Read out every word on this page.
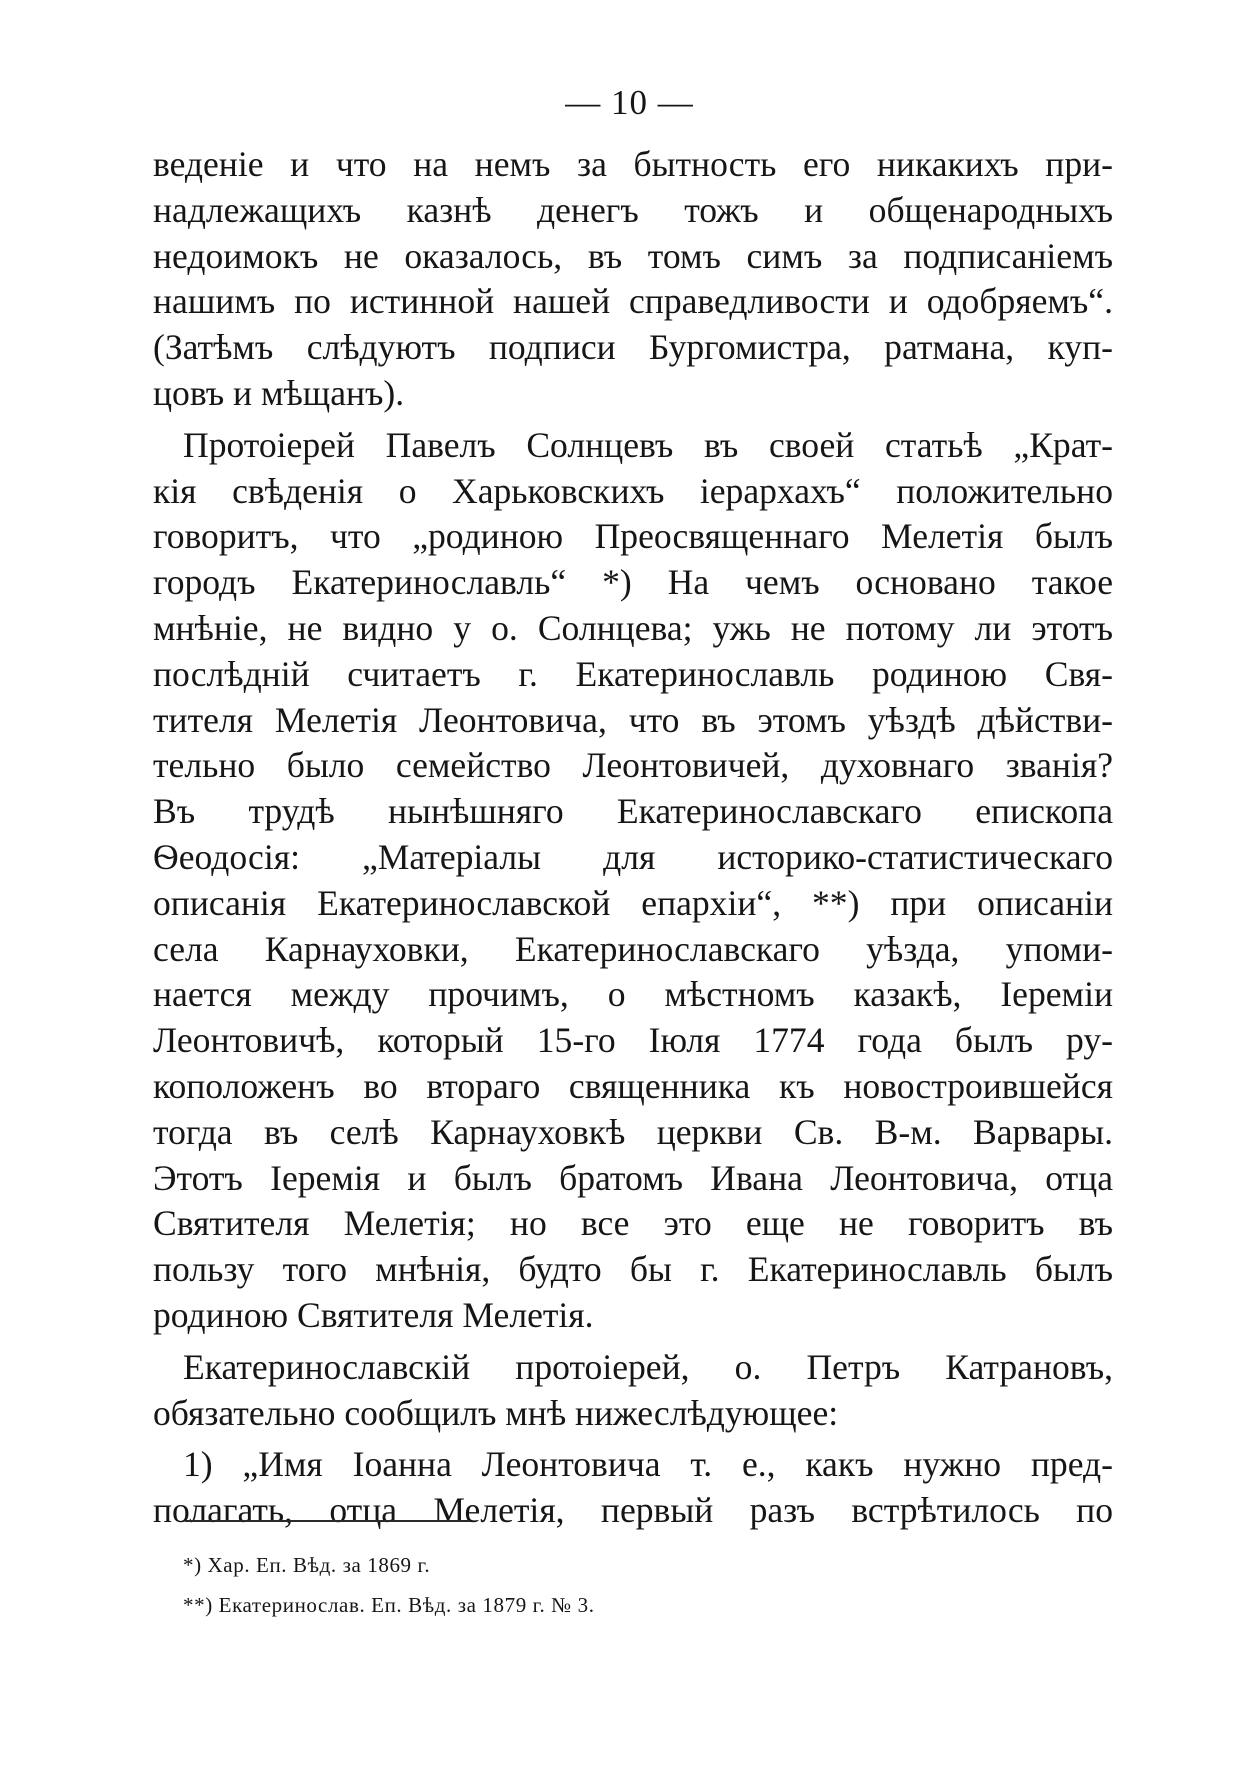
— 10 —
веденіе и что на немъ за бытность его никакихъ при-
надлежащихъ казнѣ денегъ тожъ и общенародныхъ
недоимокъ не оказалось, въ томъ симъ за подписаніемъ
нашимъ по истинной нашей справедливости и одобряемъ“.
(Затѣмъ слѣдуютъ подписи Бургомистра, ратмана, куп-
цовъ и мѣщанъ).
Протоіерей Павелъ Солнцевъ въ своей статьѣ „Крат-
кія свѣденія о Харьковскихъ іерархахъ“ положительно
говоритъ, что „родиною Преосвященнаго Мелетія былъ
городъ Екатеринославль“ *) На чемъ основано такое
мнѣніе, не видно у о. Солнцева; ужь не потому ли этотъ
послѣдній считаетъ г. Екатеринославль родиною Свя-
тителя Мелетія Леонтовича, что въ этомъ уѣздѣ дѣйстви-
тельно было семейство Леонтовичей, духовнаго званія?
Въ трудѣ нынѣшняго Екатеринославскаго епископа
Ѳеодосія: „Матеріалы для историко-статистическаго
описанія Екатеринославской епархіи“, **) при описаніи
села Карнауховки, Екатеринославскаго уѣзда, упоми-
нается между прочимъ, о мѣстномъ казакѣ, Іереміи
Леонтовичѣ, который 15-го Іюля 1774 года былъ ру-
коположенъ во втораго священника къ новостроившейся
тогда въ селѣ Карнауховкѣ церкви Св. В-м. Варвары.
Этотъ Іеремія и былъ братомъ Ивана Леонтовича, отца
Святителя Мелетія; но все это еще не говоритъ въ
пользу того мнѣнія, будто бы г. Екатеринославль былъ
родиною Святителя Мелетія.
Екатеринославскій протоіерей, о. Петръ Катрановъ,
обязательно сообщилъ мнѣ нижеслѣдующее:
1) „Имя Іоанна Леонтовича т. е., какъ нужно пред-
полагать, отца Мелетія, первый разъ встрѣтилось по
*) Хар. Еп. Вѣд. за 1869 г.
**) Екатеринослав. Еп. Вѣд. за 1879 г. № 3.
